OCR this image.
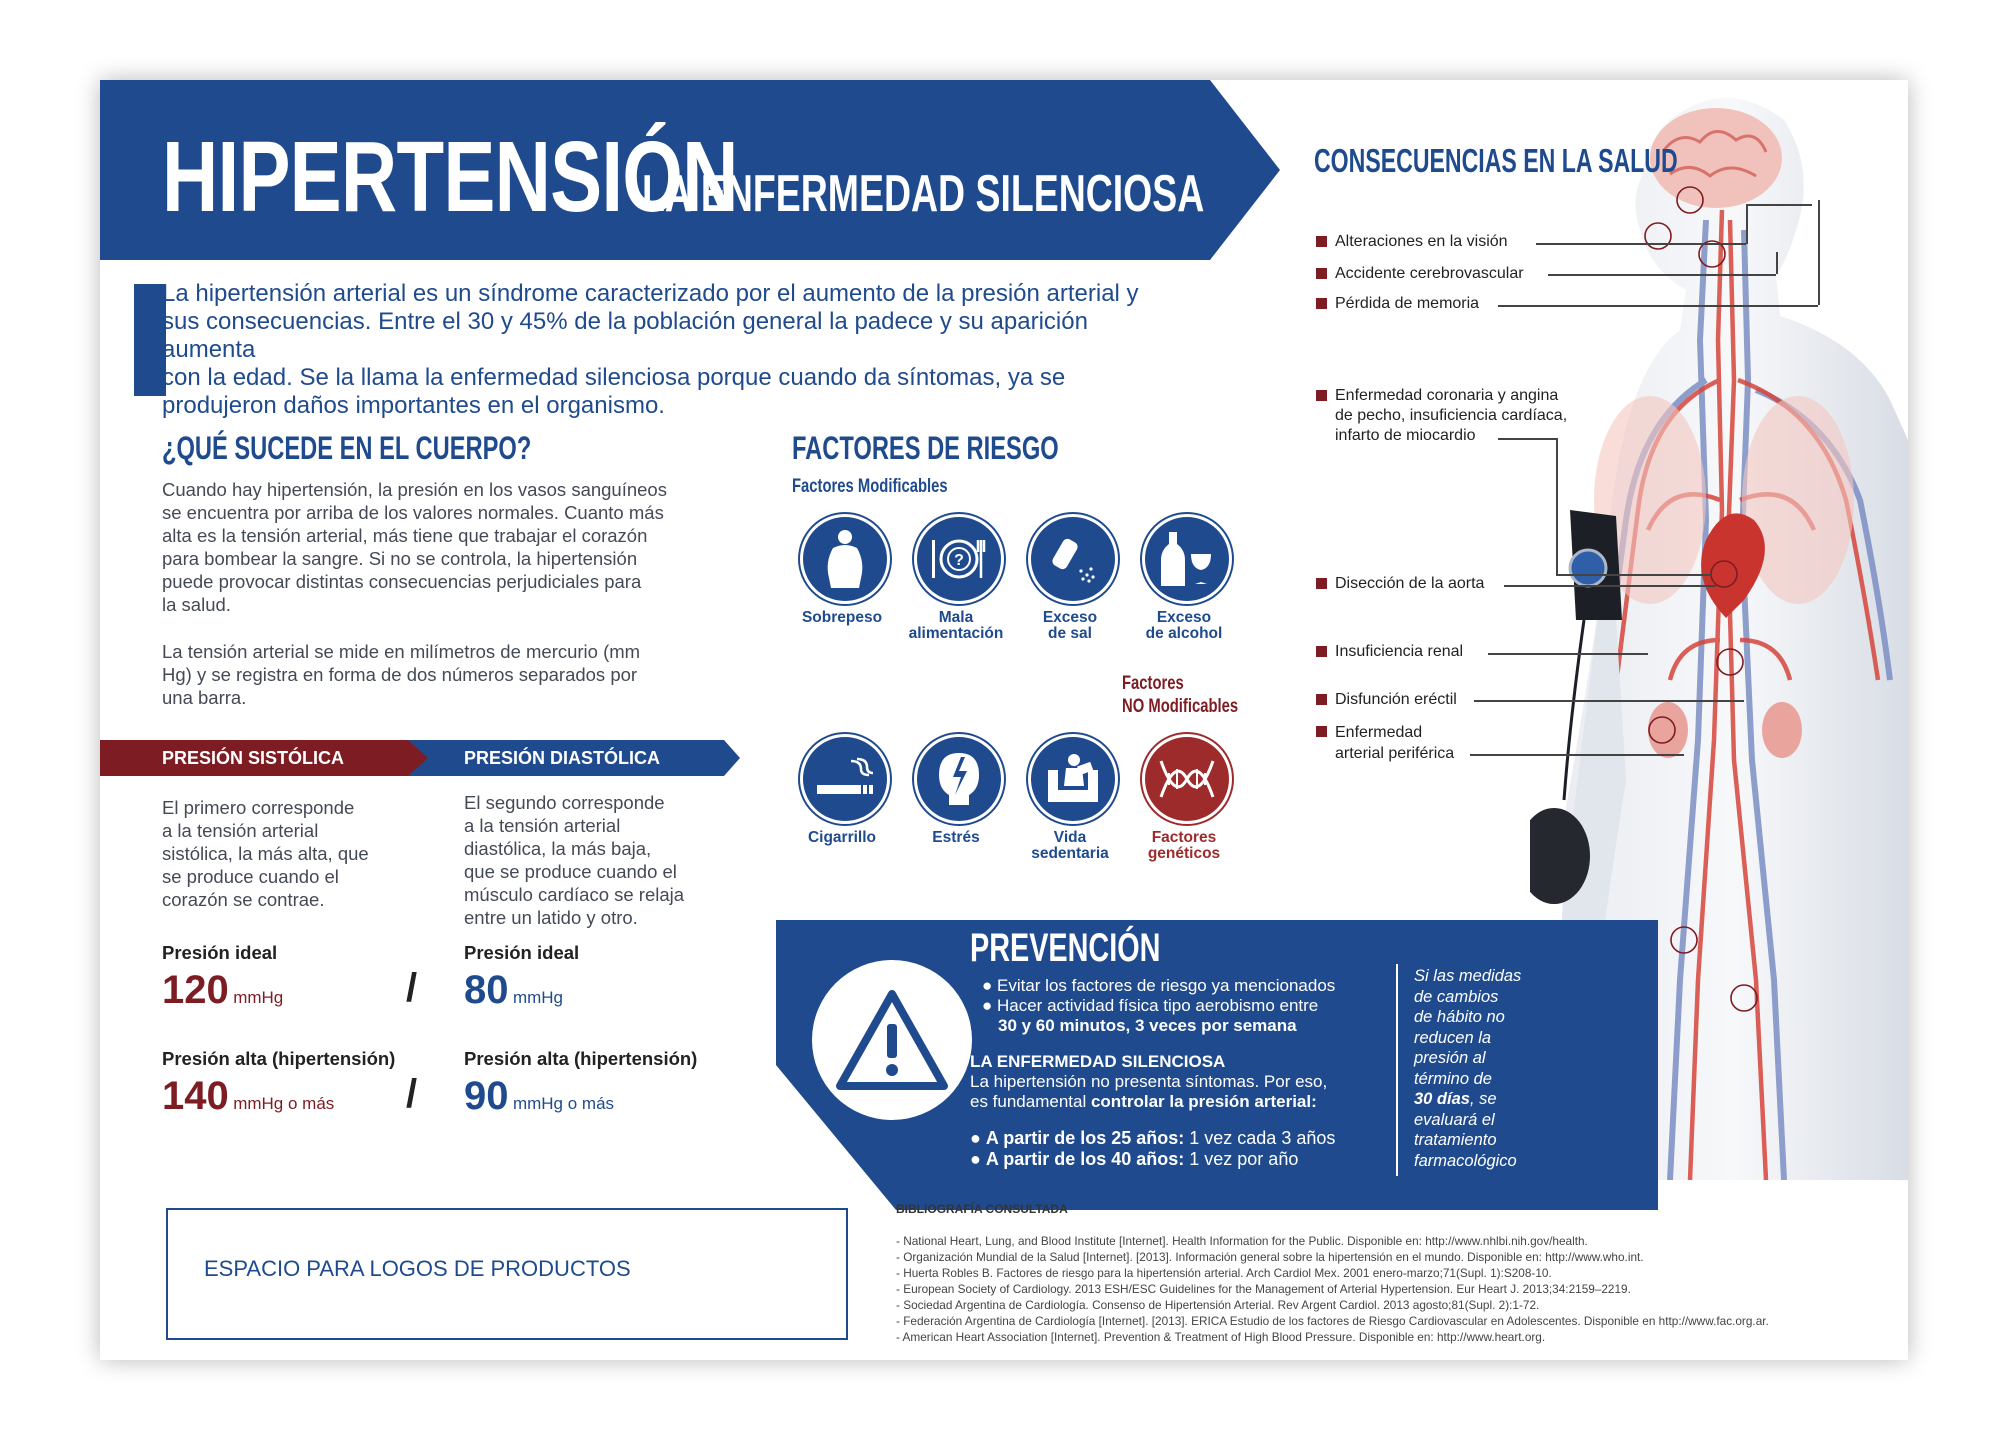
HIPERTENSIÓN
LA ENFERMEDAD SILENCIOSA
La hipertensión arterial es un síndrome caracterizado por el aumento de la presión arterial y
sus consecuencias. Entre el 30 y 45% de la población general la padece y su aparición aumenta
con la edad. Se la llama la enfermedad silenciosa porque cuando da síntomas, ya se
produjeron daños importantes en el organismo.
¿QUÉ SUCEDE EN EL CUERPO?
Cuando hay hipertensión, la presión en los vasos sanguíneos
se encuentra por arriba de los valores normales. Cuanto más
alta es la tensión arterial, más tiene que trabajar el corazón
para bombear la sangre. Si no se controla, la hipertensión
puede provocar distintas consecuencias perjudiciales para
la salud.
La tensión arterial se mide en milímetros de mercurio (mm
Hg) y se registra en forma de dos números separados por
una barra.
PRESIÓN SISTÓLICA	PRESIÓN DIASTÓLICA
El primero corresponde
a la tensión arterial
sistólica, la más alta, que
se produce cuando el
corazón se contrae.
El segundo corresponde
a la tensión arterial
diastólica, la más baja,
que se produce cuando el
músculo cardíaco se relaja
entre un latido y otro.
Presión ideal
120 mmHg	/
Presión ideal
80 mmHg
Presión alta (hipertensión)
140 mmHg o más /
Presión alta (hipertensión)
90 mmHg o más
FACTORES DE RIESGO
Factores Modificables
?
Sobrepeso	Mala
alimentación
Exceso
de sal
Exceso
de alcohol
Factores
NO Modificables
Cigarrillo	Estrés	Vida
sedentaria
Factores
genéticos
CONSECUENCIAS EN LA SALUD
Alteraciones en la visión
Accidente cerebrovascular
Pérdida de memoria
Enfermedad coronaria y angina
de pecho, insuficiencia cardíaca,
infarto de miocardio
Disección de la aorta
Insuficiencia renal
Disfunción eréctil
Enfermedad
arterial periférica
PREVENCIÓN
● Evitar los factores de riesgo ya mencionados
● Hacer actividad física tipo aerobismo entre
30 y 60 minutos, 3 veces por semana
LA ENFERMEDAD SILENCIOSA
La hipertensión no presenta síntomas. Por eso,
es fundamental controlar la presión arterial:
● A partir de los 25 años: 1 vez cada 3 años
● A partir de los 40 años: 1 vez por año
Si las medidas
de cambios
de hábito no
reducen la
presión al
término de
30 días, se
evaluará el
tratamiento
farmacológico
ESPACIO PARA LOGOS DE PRODUCTOS
BIBLIOGRAFÍA CONSULTADA
- National Heart, Lung, and Blood Institute [Internet]. Health Information for the Public. Disponible en: http://www.nhlbi.nih.gov/health.
- Organización Mundial de la Salud [Internet]. [2013]. Información general sobre la hipertensión en el mundo. Disponible en: http://www.who.int.
- Huerta Robles B. Factores de riesgo para la hipertensión arterial. Arch Cardiol Mex. 2001 enero-marzo;71(Supl. 1):S208-10.
- European Society of Cardiology. 2013 ESH/ESC Guidelines for the Management of Arterial Hypertension. Eur Heart J. 2013;34:2159–2219.
- Sociedad Argentina de Cardiología. Consenso de Hipertensión Arterial. Rev Argent Cardiol. 2013 agosto;81(Supl. 2):1-72.
- Federación Argentina de Cardiología [Internet]. [2013]. ERICA Estudio de los factores de Riesgo Cardiovascular en Adolescentes. Disponible en http://www.fac.org.ar.
- American Heart Association [Internet]. Prevention & Treatment of High Blood Pressure. Disponible en: http://www.heart.org.
